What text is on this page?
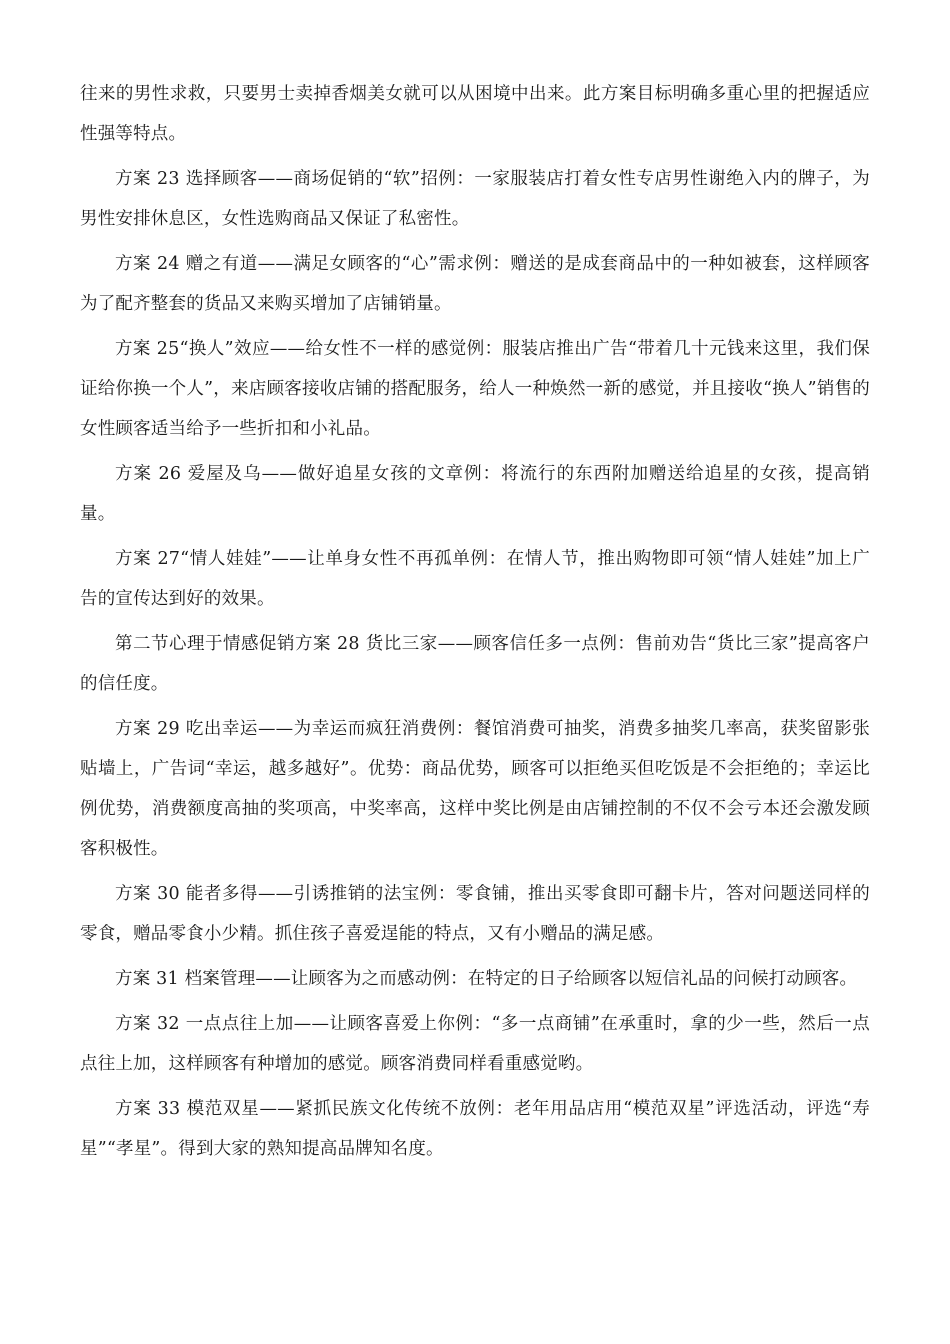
往来的男性求救，只要男士卖掉香烟美女就可以从困境中出来。此方案目标明确多重心里的把握适应性强等特点。

方案 23 选择顾客——商场促销的“软”招例：一家服装店打着女性专店男性谢绝入内的牌子，为男性安排休息区，女性选购商品又保证了私密性。

方案 24 赠之有道——满足女顾客的“心”需求例：赠送的是成套商品中的一种如被套，这样顾客为了配齐整套的货品又来购买增加了店铺销量。

方案 25“换人”效应——给女性不一样的感觉例：服装店推出广告“带着几十元钱来这里，我们保证给你换一个人”，来店顾客接收店铺的搭配服务，给人一种焕然一新的感觉，并且接收“换人”销售的女性顾客适当给予一些折扣和小礼品。

方案 26 爱屋及乌——做好追星女孩的文章例：将流行的东西附加赠送给追星的女孩，提高销量。

方案 27“情人娃娃”——让单身女性不再孤单例：在情人节，推出购物即可领“情人娃娃”加上广告的宣传达到好的效果。

第二节心理于情感促销方案 28 货比三家——顾客信任多一点例：售前劝告“货比三家”提高客户的信任度。

方案 29 吃出幸运——为幸运而疯狂消费例：餐馆消费可抽奖，消费多抽奖几率高，获奖留影张贴墙上，广告词“幸运，越多越好”。优势：商品优势，顾客可以拒绝买但吃饭是不会拒绝的；幸运比例优势，消费额度高抽的奖项高，中奖率高，这样中奖比例是由店铺控制的不仅不会亏本还会激发顾客积极性。

方案 30 能者多得——引诱推销的法宝例：零食铺，推出买零食即可翻卡片，答对问题送同样的零食，赠品零食小少精。抓住孩子喜爱逞能的特点，又有小赠品的满足感。

方案 31 档案管理——让顾客为之而感动例：在特定的日子给顾客以短信礼品的问候打动顾客。

方案 32 一点点往上加——让顾客喜爱上你例：“多一点商铺”在承重时，拿的少一些，然后一点点往上加，这样顾客有种增加的感觉。顾客消费同样看重感觉哟。

方案 33 模范双星——紧抓民族文化传统不放例：老年用品店用“模范双星”评选活动，评选“寿星”“孝星”。得到大家的熟知提高品牌知名度。
